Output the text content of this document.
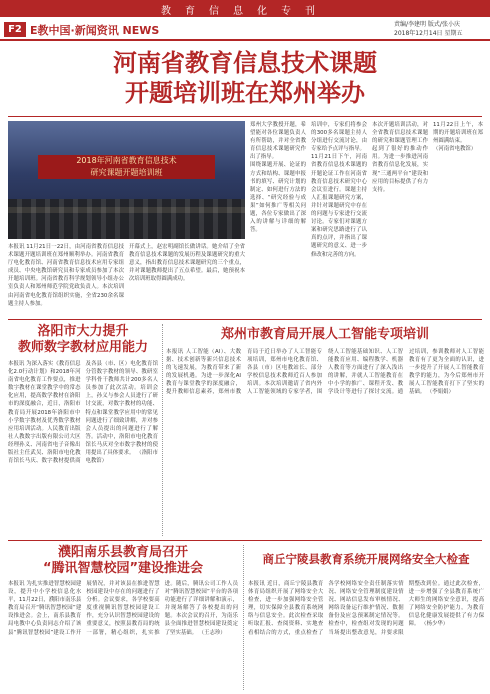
教育信息化专刊
F2 E教中国·新闻资讯 NEWS	责编/李建明 版式/张小庆
2018年12月14日 星期五
河南省教育信息技术课题
开题培训班在郑州举办
2018年河南省教育信息技术
研究课题开题培训班
本报讯 11月21日一22日，由河南省教育信息技术课题开题培训班在郑州顺利举办。河南省教育厅电化教育馆、河南省教育信息技术应用专家组成员、中央电教馆研究员和专家成员参加了本次开题培训班。河南省教育科学规划领导小组办公室负责人和郑州师范学院党政负责人。本次培训由河南省电化教育馆组织实施，全省230余名课题主持人参加。
开幕式上，赵宏明副馆长做讲话。她介绍了全省教育信息技术课题的发展历程及课题研究的重大意义，指出教育信息技术课题研究的三个重点，并对课题教师提出了五点希望。最后，她预祝本次培训班取得圆满成功。
郑州大学教授开题，希望能对各位课题负责人有所帮助，并对全省教育信息技术课题研究作出了指导。
围绕课题开展、论证的方式和结构、课题申报书的填写、研究计划的制定、如何进行方法的选择、“研究经验与成果”如何推广等相关问题，各位专家做出了深入的讲解与详细的解答。
培训中，专家们将参会的300多名课题主持人分组进行交流讨论，由专家给予点评与指导。
11月21日下午，河南省教育信息技术课题的开题论证工作在河南省教育信息技术研究中心会议室进行。课题主持人汇报课题研究方案，并针对课题研究中存在的问题与专家进行交流讨论。专家们对课题方案和研究思路进行了认真的点评，并指出了课题研究的意义、进一步修改和完善的方向。
本次开题培训活动，对全省教育信息技术课题的研究和课题管理工作起到了很好的推动作用。为进一步推进河南省教育信息化发展，实现“三通两平台”建设和应用的目标提供了有力支持。
11月22日上午，本期的开题培训班在郑州圆满结束。
（河南省电教馆）
洛阳市大力提升
教师数字教材应用能力
本报讯 为深入落实《教育信息化2.0行动计划》和2018年河南省电化教育工作要点，推进数字教材在课堂教学中的常态化应用，提高数学教材在洛阳市的深度融合，近日，洛阳市教育局开展2018年洛阳市中小学数字教材及优秀数学教材应用培训活动。人民教育出版社人教数字出版有限公司大区经理孙义、河南省电子音像出版社主任武吴、洛阳市电化教育馆长马庆、数字教材提供商及各县（市、区）电化教育馆分管数字教材的领导、教研室学科骨干教师共计200多名人员参加了此次活动。培训会上，孙义与参会人员进行了研讨交流，对数字教材的功能、特点和课堂教学应用中的常见问题进行了细致讲解，并对参会人员提出的问题进行了解答。活动中，洛阳市电化教育馆长马庆对全市数字教材的使用提出了具体要求。 （洛阳市电教馆）
郑州市教育局开展人工智能专项培训
本报讯 人工智能（AI）、大数据、技术创新等新兴信息技术的飞速发展，为教育带来了新的发展机遇。为进一步深化AI教育与课堂教学的深度融合，提升教师信息素养，郑州市教育局于近日举办了人工智能专项培训，郑州市电化教育馆、各县（市）区电教站长、部分学校信息技术教师近百人参加培训。本次培训邀请了省内外人工智能领域的专家学者，围绕人工智能基础知识、人工智能教育应用、编程教学、机器人教育等方面进行了深入浅出的讲解，并就人工智能教育在中小学的推广、课程开发、教学设计等进行了探讨交流。通过培训，参训教师对人工智能教育有了更为全面的认识，进一步提升了开展人工智能教育教学的能力，为今后郑州市开展人工智能教育打下了坚实的基础。 （李娟娟）
濮阳南乐县教育局召开
“腾讯智慧校园”建设推进会
本报讯 为扎实推进智慧校园建设，提升中小学校信息化水平，11月22日，濮阳市南乐县教育局召开“腾讯智慧校园”建设推进会。会上，南乐县教育局电教中心负责同志介绍了该县“腾讯智慧校园”建设工作开展情况，并对该县在推进智慧校园建设中存在的问题进行了分析。会议要求，各学校要高度重视腾讯智慧校园建设工作，充分认识智慧校园建设的重要意义，按照县教育局的统一部署，精心组织，扎实推进。随后，腾讯公司工作人员对“腾讯智慧校园”平台的各项功能进行了详细讲解和演示，并现场解答了各校提出的问题。本次会议的召开，为南乐县全面推进智慧校园建设奠定了坚实基础。 （王志珍）
商丘宁陵县教育系统开展网络安全大检查
本报讯 近日，商丘宁陵县教育体育局组织开展了网络安全大检查，进一步加强网络安全管理，切实保障全县教育系统网络与信息安全。此次检查采取听取汇报、查阅资料、实地查看相结合的方式，重点检查了各学校网络安全责任制落实情况、网络安全管理制度建设情况、网站信息发布审核情况、网络设备运行维护情况、数据备份及应急预案制定情况等。检查中，检查组对发现的问题当场提出整改意见，并要求限期整改到位。通过此次检查，进一步增强了全县教育系统广大师生的网络安全意识，提高了网络安全防护能力，为教育信息化健康发展提供了有力保障。 （杨少华）
